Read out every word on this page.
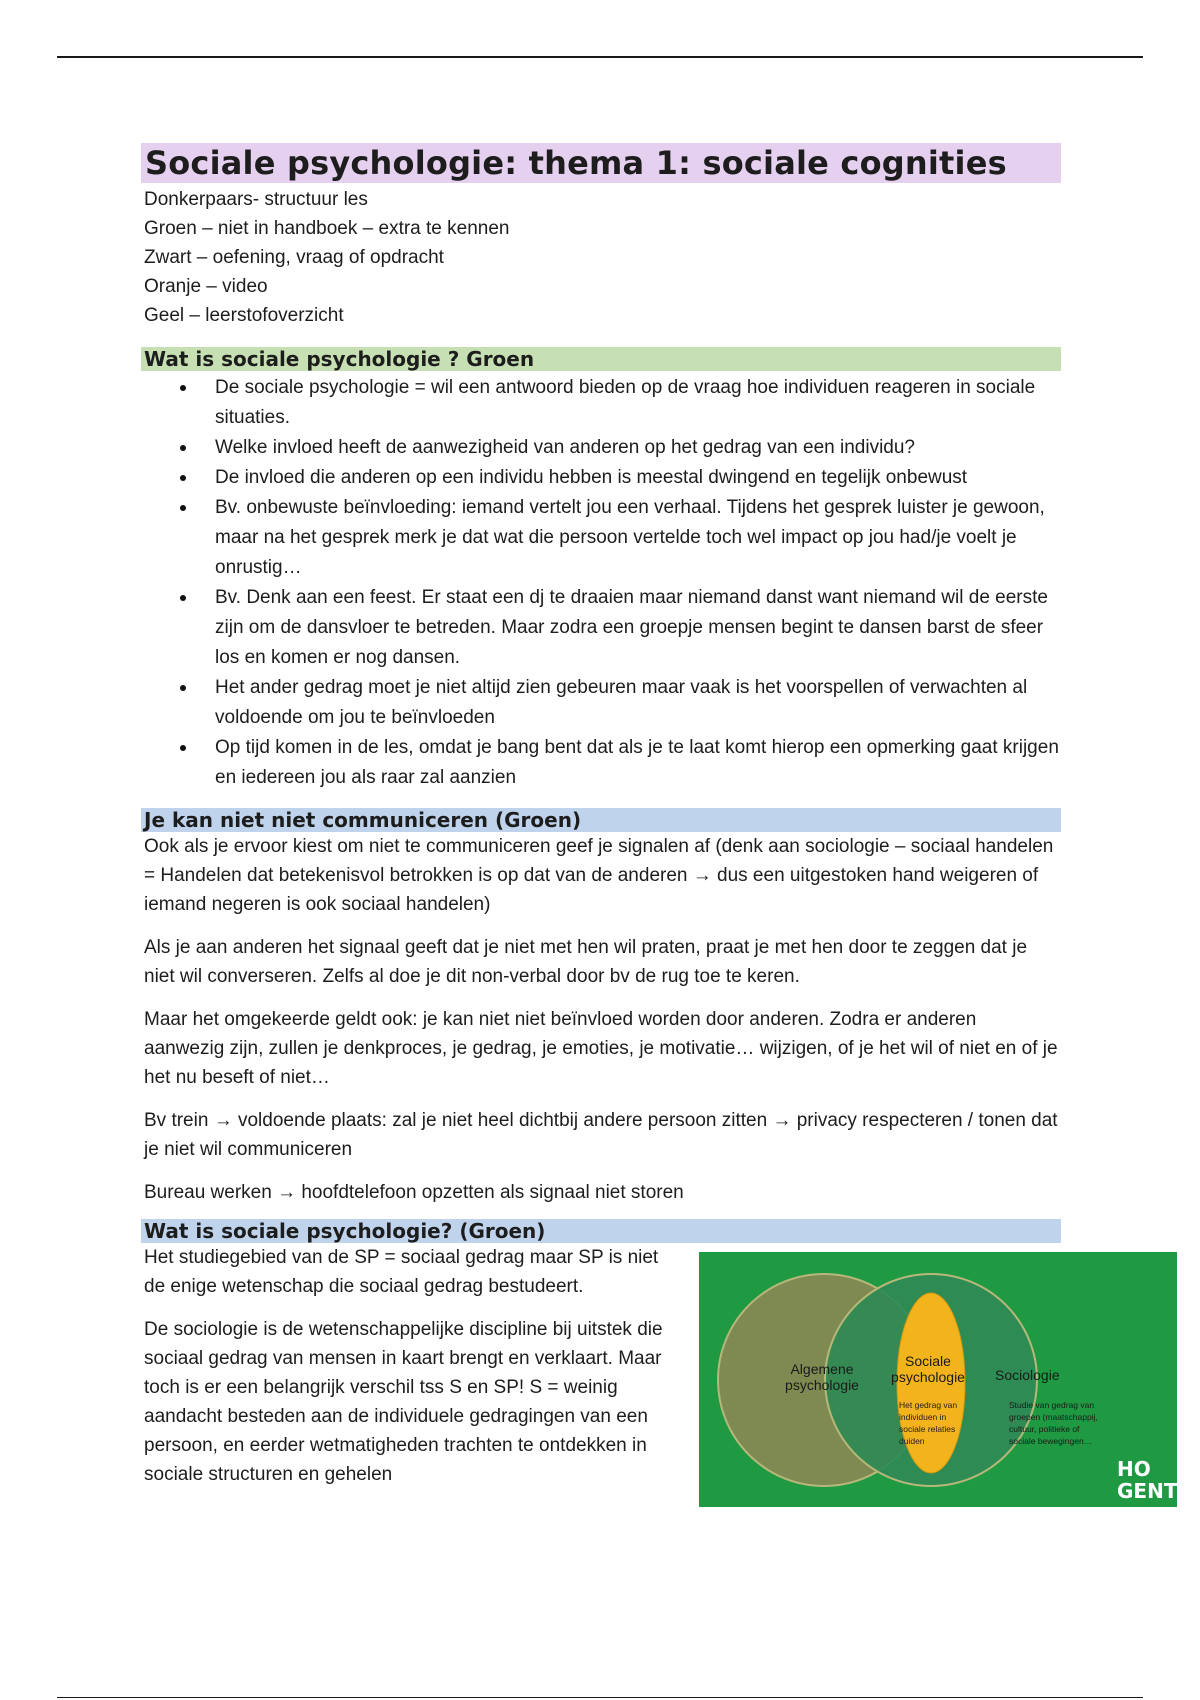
Sociale psychologie: thema 1: sociale cognities
Donkerpaars- structuur les
Groen – niet in handboek – extra te kennen
Zwart – oefening, vraag of opdracht
Oranje – video
Geel – leerstofoverzicht
Wat is sociale psychologie ? Groen
De sociale psychologie = wil een antwoord bieden op de vraag hoe individuen reageren in sociale situaties.
Welke invloed heeft de aanwezigheid van anderen op het gedrag van een individu?
De invloed die anderen op een individu hebben is meestal dwingend en tegelijk onbewust
Bv. onbewuste beïnvloeding: iemand vertelt jou een verhaal. Tijdens het gesprek luister je gewoon, maar na het gesprek merk je dat wat die persoon vertelde toch wel impact op jou had/je voelt je onrustig…
Bv. Denk aan een feest. Er staat een dj te draaien maar niemand danst want niemand wil de eerste zijn om de dansvloer te betreden. Maar zodra een groepje mensen begint te dansen barst de sfeer los en komen er nog dansen.
Het ander gedrag moet je niet altijd zien gebeuren maar vaak is het voorspellen of verwachten al voldoende om jou te beïnvloeden
Op tijd komen in de les, omdat je bang bent dat als je te laat komt hierop een opmerking gaat krijgen en iedereen jou als raar zal aanzien
Je kan niet niet communiceren (Groen)

Ook als je ervoor kiest om niet te communiceren geef je signalen af (denk aan sociologie – sociaal handelen = Handelen dat betekenisvol betrokken is op dat van de anderen → dus een uitgestoken hand weigeren of iemand negeren is ook sociaal handelen)

Als je aan anderen het signaal geeft dat je niet met hen wil praten, praat je met hen door te zeggen dat je niet wil converseren. Zelfs al doe je dit non-verbal door bv de rug toe te keren.

Maar het omgekeerde geldt ook: je kan niet niet beïnvloed worden door anderen. Zodra er anderen aanwezig zijn, zullen je denkproces, je gedrag, je emoties, je motivatie… wijzigen, of je het wil of niet en of je het nu beseft of niet…

Bv trein → voldoende plaats: zal je niet heel dichtbij andere persoon zitten → privacy respecteren / tonen dat je niet wil communiceren

Bureau werken → hoofdtelefoon opzetten als signaal niet storen

Wat is sociale psychologie? (Groen)

Het studiegebied van de SP = sociaal gedrag maar SP is niet de enige wetenschap die sociaal gedrag bestudeert.

De sociologie is de wetenschappelijke discipline bij uitstek die sociaal gedrag van mensen in kaart brengt en verklaart. Maar toch is er een belangrijk verschil tss S en SP! S = weinig aandacht besteden aan de individuele gedragingen van een persoon, en eerder wetmatigheden trachten te ontdekken in sociale structuren en gehelen

Algemene
psychologie
Sociale
psychologie
Het gedrag van
individuen in
sociale relaties
duiden
Sociologie
Studie van gedrag van
groepen (maatschappij,
cultuur, politieke of
sociale bewegingen…
HO
GENT
